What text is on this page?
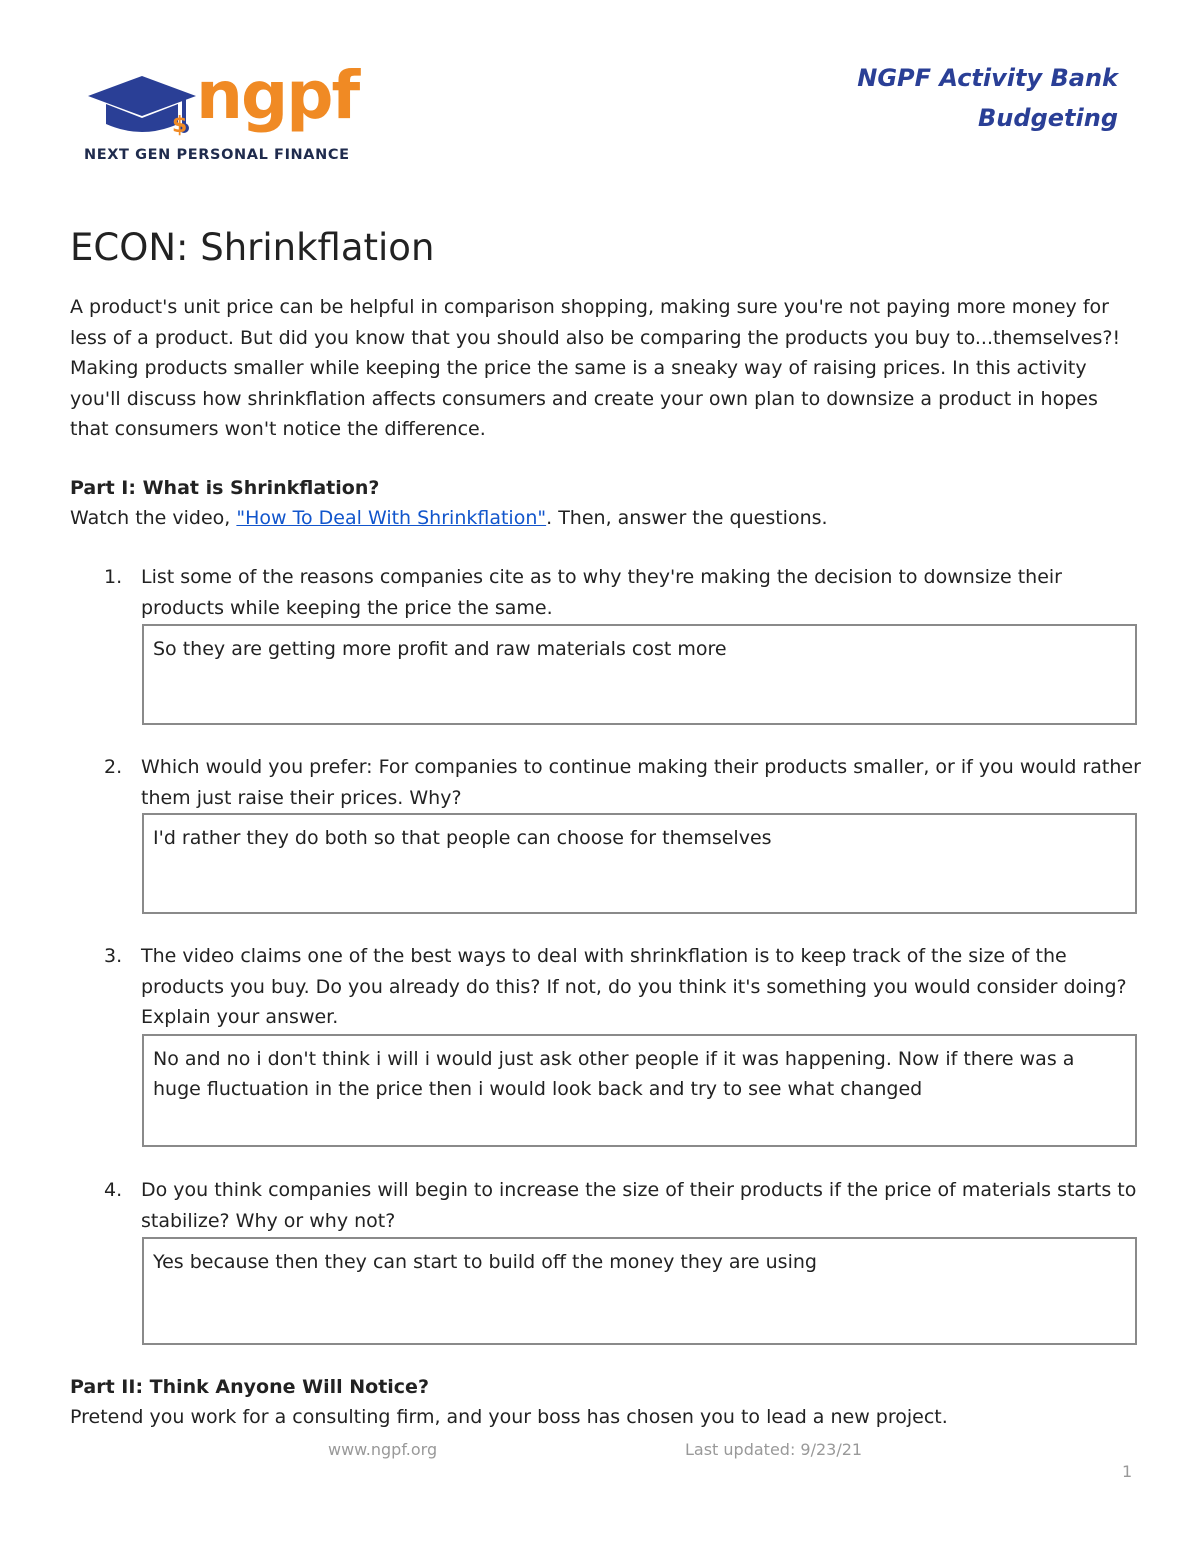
$ ngpf
NEXT GEN PERSONAL FINANCE
NGPF Activity Bank
Budgeting
ECON: Shrinkflation
A product's unit price can be helpful in comparison shopping, making sure you're not paying more money for less of a product. But did you know that you should also be comparing the products you buy to...themselves?! Making products smaller while keeping the price the same is a sneaky way of raising prices. In this activity you'll discuss how shrinkflation affects consumers and create your own plan to downsize a product in hopes that consumers won't notice the difference.
Part I: What is Shrinkflation?
Watch the video, "How To Deal With Shrinkflation". Then, answer the questions.
1. List some of the reasons companies cite as to why they're making the decision to downsize their products while keeping the price the same.
So they are getting more profit and raw materials cost more
2. Which would you prefer: For companies to continue making their products smaller, or if you would rather them just raise their prices. Why?
I'd rather they do both so that people can choose for themselves
3. The video claims one of the best ways to deal with shrinkflation is to keep track of the size of the products you buy. Do you already do this? If not, do you think it's something you would consider doing? Explain your answer.
No and no i don't think i will i would just ask other people if it was happening. Now if there was a huge fluctuation in the price then i would look back and try to see what changed
4. Do you think companies will begin to increase the size of their products if the price of materials starts to stabilize? Why or why not?
Yes because then they can start to build off the money they are using
Part II: Think Anyone Will Notice?
Pretend you work for a consulting firm, and your boss has chosen you to lead a new project.
www.ngpf.org	Last updated: 9/23/21
1
